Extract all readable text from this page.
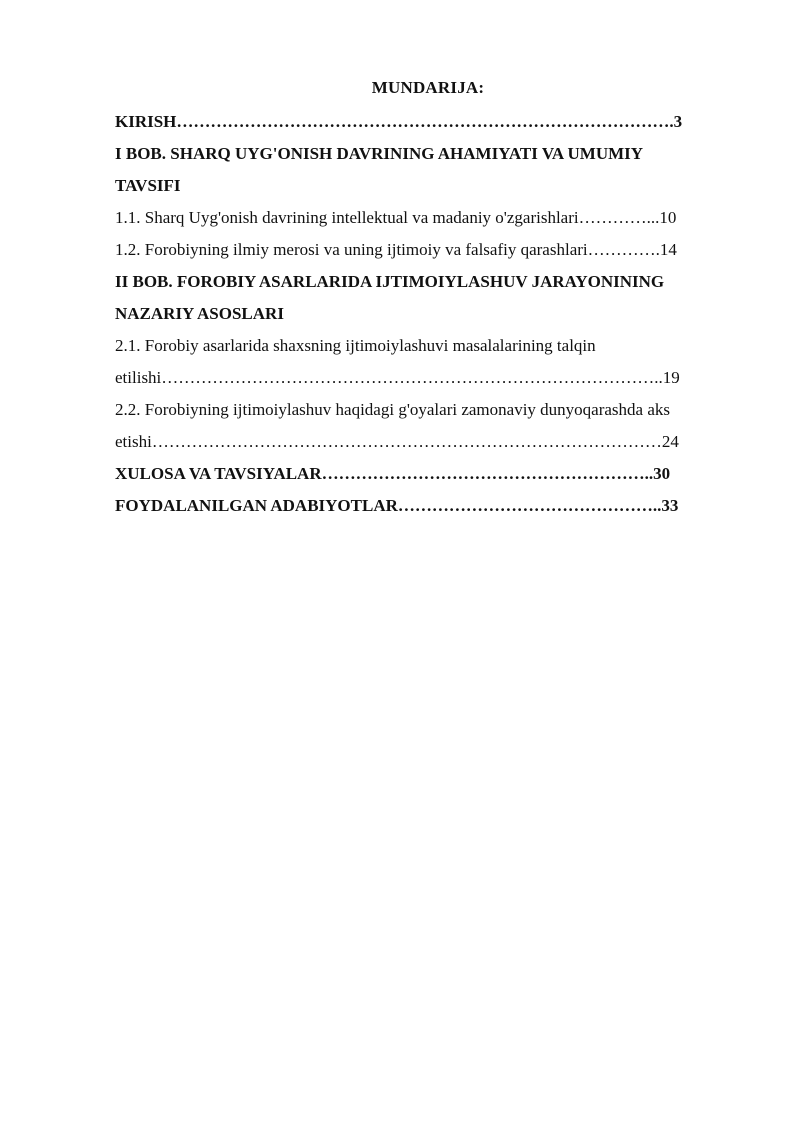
MUNDARIJA:
KIRISH…………………………………………………………………………….3
I BOB. SHARQ UYG'ONISH DAVRINING AHAMIYATI VA UMUMIY
TAVSIFI
1.1. Sharq Uyg'onish davrining intellektual va madaniy o'zgarishlari…………...10
1.2. Forobiyning ilmiy merosi va uning ijtimoiy va falsafiy qarashlari………….14
II BOB. FOROBIY ASARLARIDA IJTIMOIYLASHUV JARAYONINING
NAZARIY ASOSLARI
2.1. Forobiy asarlarida shaxsning ijtimoiylashuvi masalalarining talqin
etilishi……………………………………………………………………………..19
2.2. Forobiyning ijtimoiylashuv haqidagi g'oyalari zamonaviy dunyoqarashda aks
etishi………………………………………………………………………………24
XULOSA VA TAVSIYALAR…………………………………………………..30
FOYDALANILGAN ADABIYOTLAR………………………………………..33
